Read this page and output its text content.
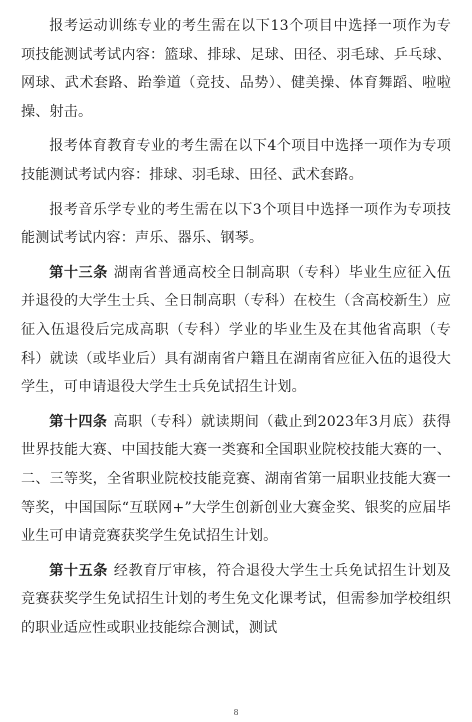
报考运动训练专业的考生需在以下13个项目中选择一项作为专项技能测试考试内容：篮球、排球、足球、田径、羽毛球、乒乓球、网球、武术套路、跆拳道（竞技、品势）、健美操、体育舞蹈、啦啦操、射击。

报考体育教育专业的考生需在以下4个项目中选择一项作为专项技能测试考试内容：排球、羽毛球、田径、武术套路。

报考音乐学专业的考生需在以下3个项目中选择一项作为专项技能测试考试内容：声乐、器乐、钢琴。

第十三条 湖南省普通高校全日制高职（专科）毕业生应征入伍并退役的大学生士兵、全日制高职（专科）在校生（含高校新生）应征入伍退役后完成高职（专科）学业的毕业生及在其他省高职（专科）就读（或毕业后）具有湖南省户籍且在湖南省应征入伍的退役大学生，可申请退役大学生士兵免试招生计划。

第十四条 高职（专科）就读期间（截止到2023年3月底）获得世界技能大赛、中国技能大赛一类赛和全国职业院校技能大赛的一、二、三等奖，全省职业院校技能竞赛、湖南省第一届职业技能大赛一等奖，中国国际“互联网+”大学生创新创业大赛金奖、银奖的应届毕业生可申请竞赛获奖学生免试招生计划。

第十五条 经教育厅审核，符合退役大学生士兵免试招生计划及竞赛获奖学生免试招生计划的考生免文化课考试，但需参加学校组织的职业适应性或职业技能综合测试，测试

8
